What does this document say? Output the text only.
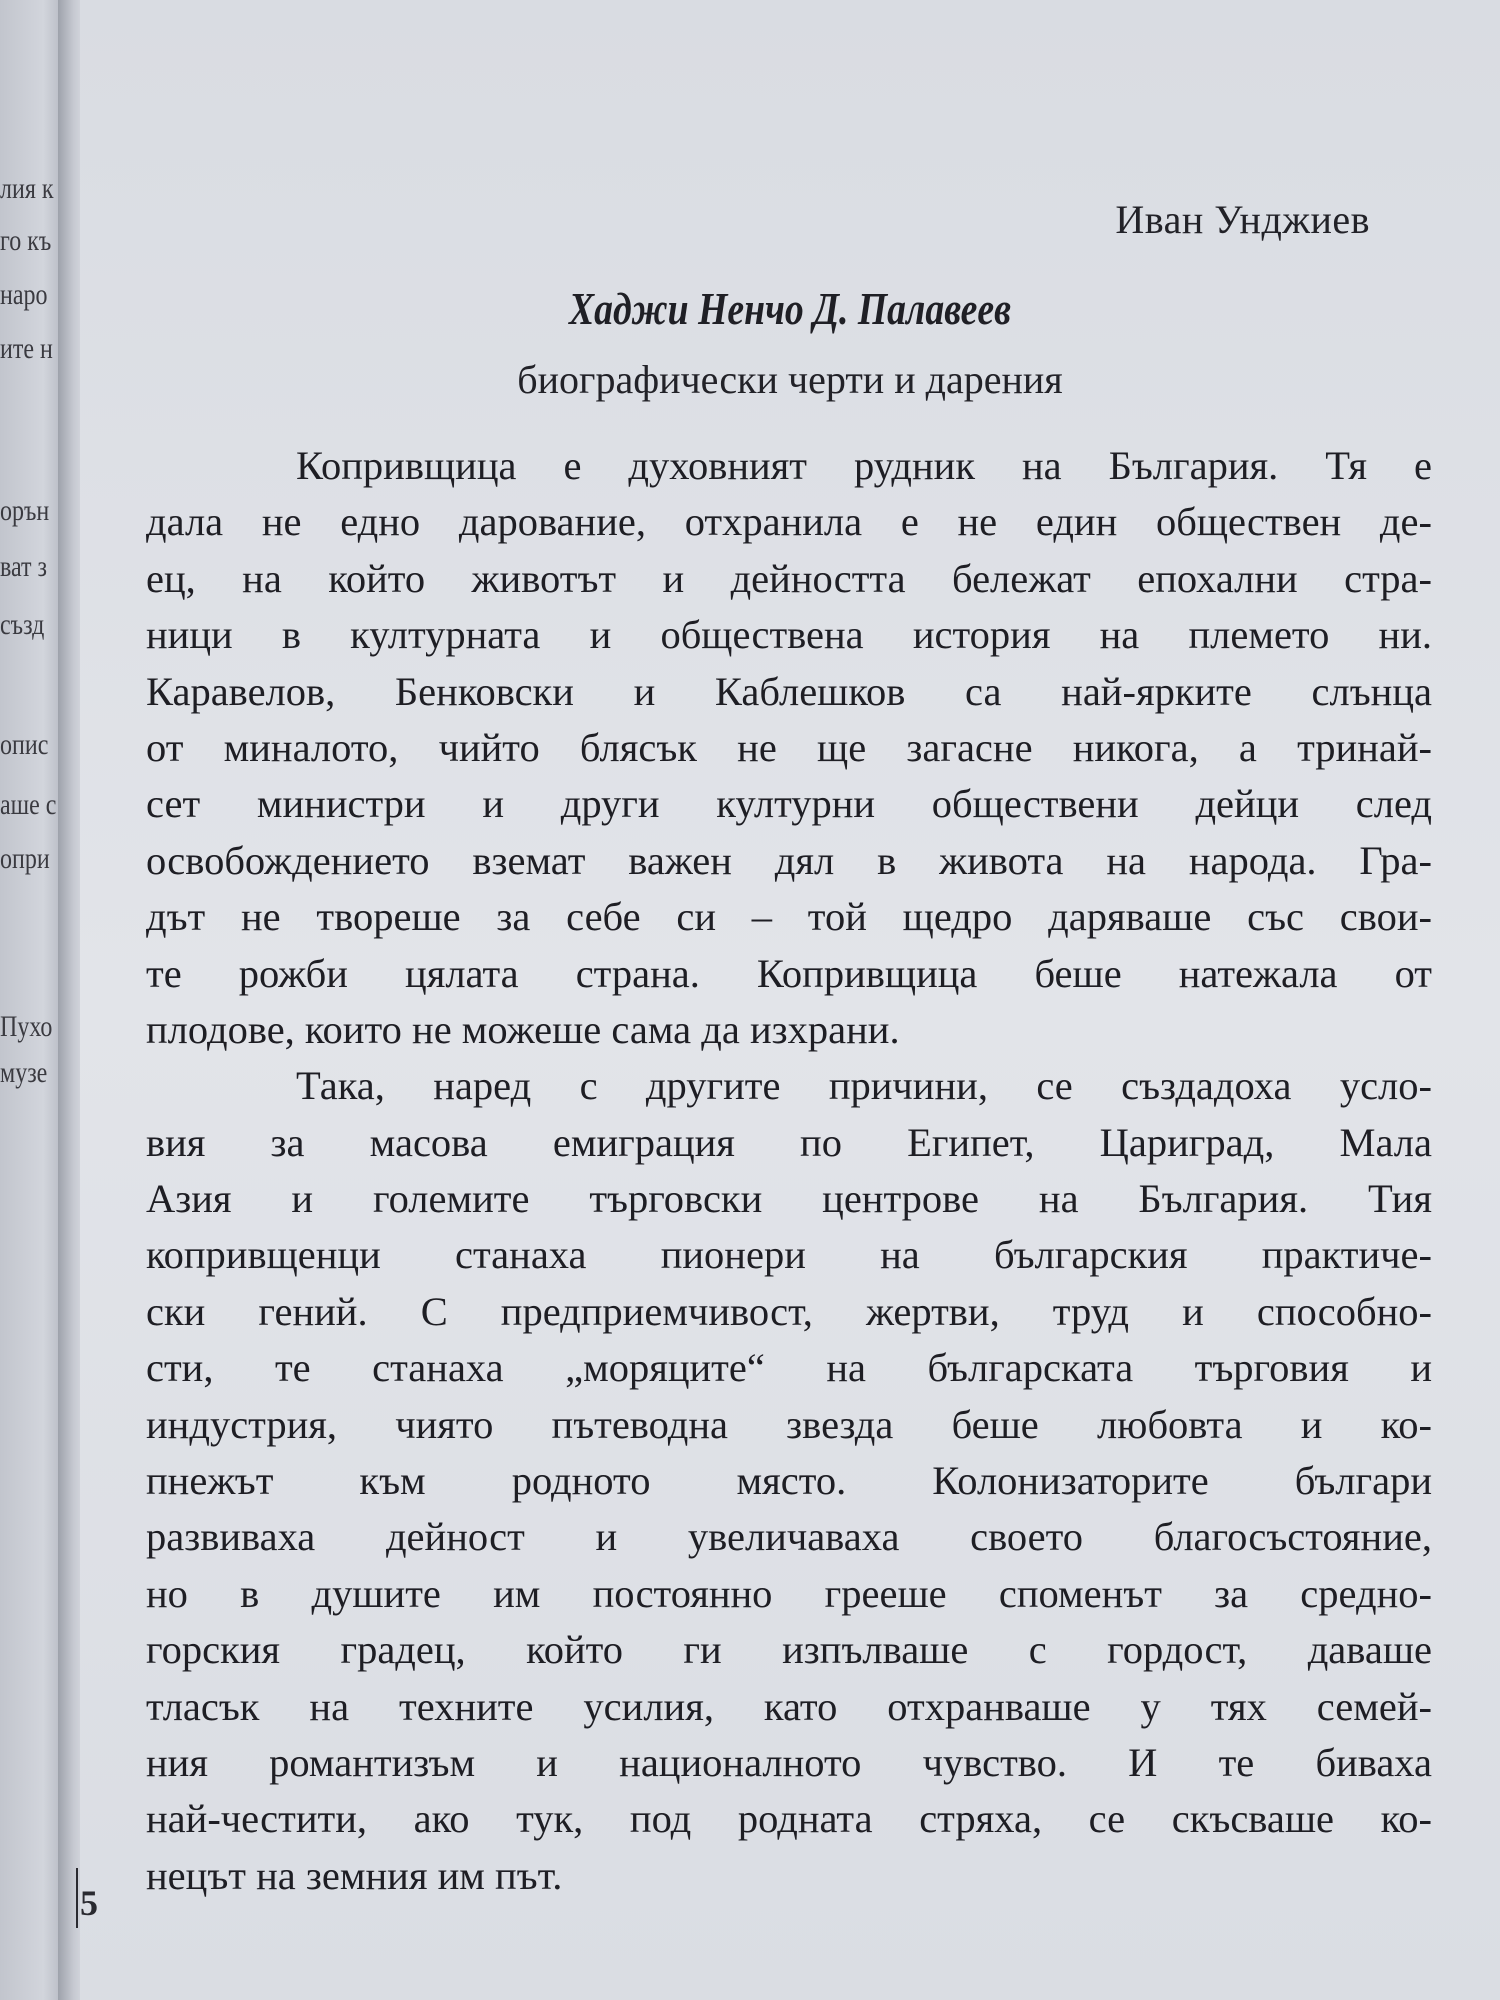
лия к
го къ
наро
ите н
орън
ват з
създ
опис
аше с
опри
Пухо
музе
Иван Унджиев
Хаджи Ненчо Д. Палавеев
биографически черти и дарения
Копривщица е духовният рудник на България. Тя е
дала не едно дарование, отхранила е не един обществен де-
ец, на който животът и дейността бележат епохални стра-
ници в културната и обществена история на племето ни.
Каравелов, Бенковски и Каблешков са най-ярките слънца
от миналото, чийто блясък не ще загасне никога, а тринай-
сет министри и други културни обществени дейци след
освобождението вземат важен дял в живота на народа. Гра-
дът не твореше за себе си – той щедро даряваше със свои-
те рожби цялата страна. Копривщица беше натежала от
плодове, които не можеше сама да изхрани.
Така, наред с другите причини, се създадоха усло-
вия за масова емиграция по Египет, Цариград, Мала
Азия и големите търговски центрове на България. Тия
копривщенци станаха пионери на българския практиче-
ски гений. С предприемчивост, жертви, труд и способно-
сти, те станаха „моряците“ на българската търговия и
индустрия, чиято пътеводна звезда беше любовта и ко-
пнежът към родното място. Колонизаторите българи
развиваха дейност и увеличаваха своето благосъстояние,
но в душите им постоянно грееше споменът за средно-
горския градец, който ги изпълваше с гордост, даваше
тласък на техните усилия, като отхранваше у тях семей-
ния романтизъм и националното чувство. И те биваха
най-честити, ако тук, под родната стряха, се скъсваше ко-
нецът на земния им път.
5
